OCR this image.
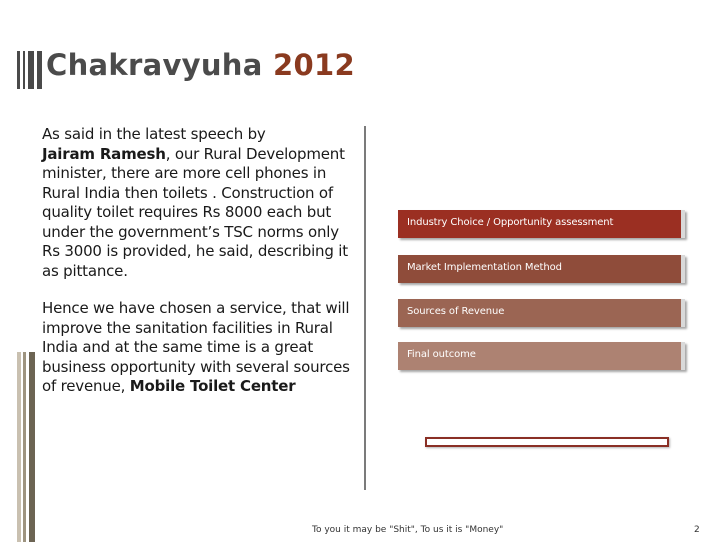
Chakravyuha 2012

As said in the latest speech by
Jairam Ramesh, our Rural Development minister, there are more cell phones in Rural India then toilets . Construction of quality toilet requires Rs 8000 each but under the government’s TSC norms only Rs 3000 is provided, he said, describing it as pittance.

Hence we have chosen a service, that will improve the sanitation facilities in Rural India and at the same time is a great business opportunity with several sources of revenue, Mobile Toilet Center

Industry Choice / Opportunity assessment
Market Implementation Method
Sources of Revenue
Final outcome
To you it may be "Shit", To us it is "Money"	2
